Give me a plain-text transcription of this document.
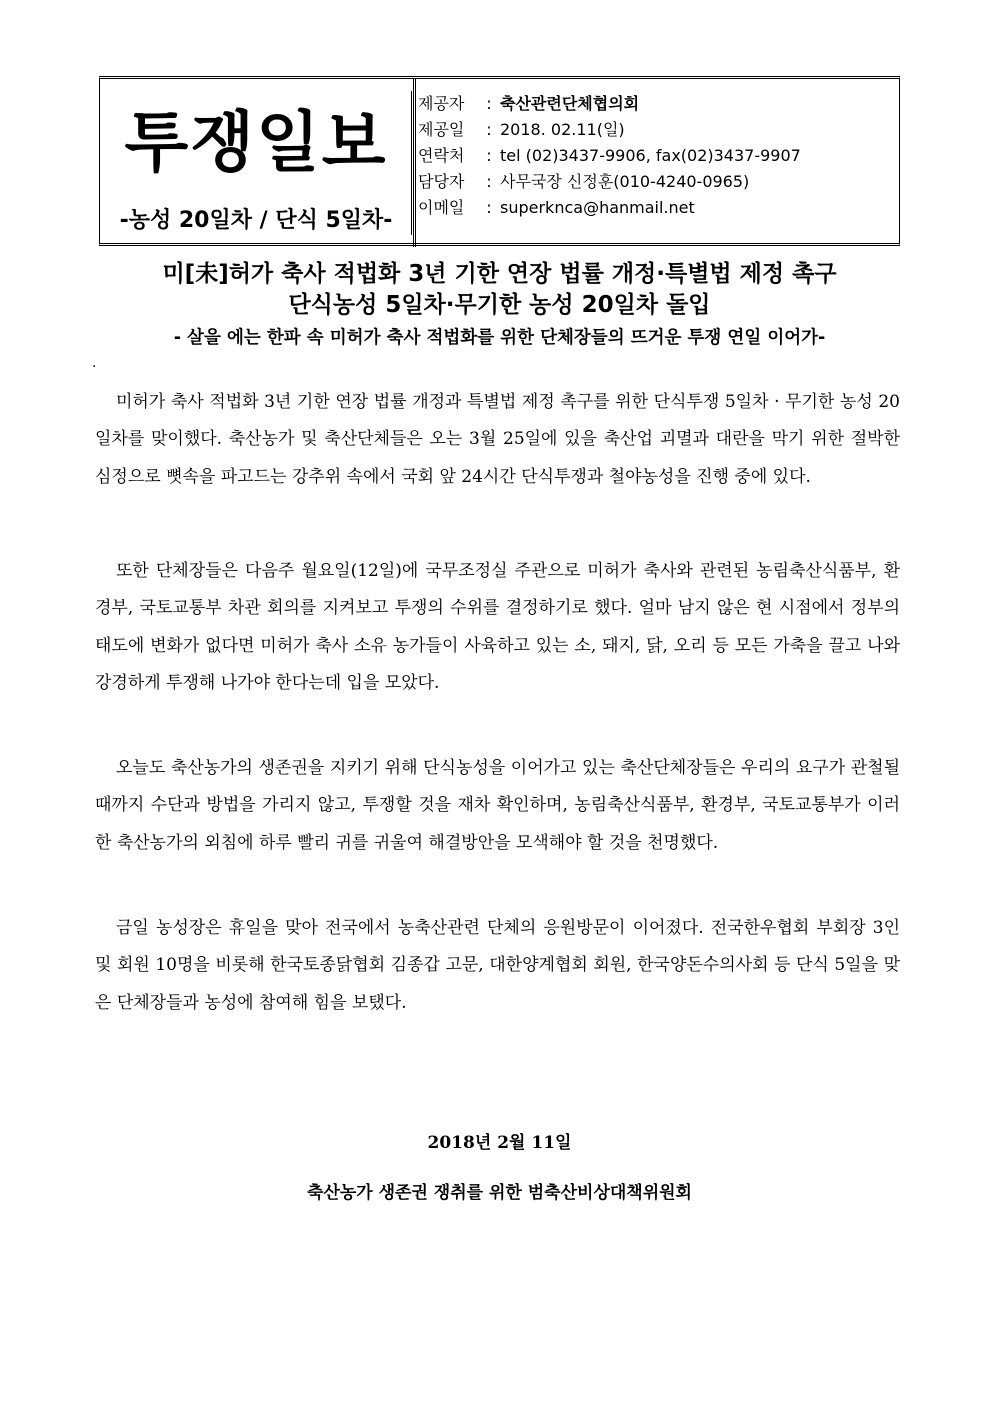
투쟁일보
-농성 20일차 / 단식 5일차-
제공자 : 축산관련단체협의회
제공일 : 2018. 02.11(일)
연락처 : tel (02)3437-9906, fax(02)3437-9907
담당자 : 사무국장 신정훈(010-4240-0965)
이메일 : superknca@hanmail.net
미[未]허가 축사 적법화 3년 기한 연장 법률 개정·특별법 제정 촉구
단식농성 5일차·무기한 농성 20일차 돌입
- 살을 에는 한파 속 미허가 축사 적법화를 위한 단체장들의 뜨거운 투쟁 연일 이어가-
.

미허가 축사 적법화 3년 기한 연장 법률 개정과 특별법 제정 촉구를 위한 단식투쟁 5일차 · 무기한 농성 20일차를 맞이했다. 축산농가 및 축산단체들은 오는 3월 25일에 있을 축산업 괴멸과 대란을 막기 위한 절박한 심정으로 뼛속을 파고드는 강추위 속에서 국회 앞 24시간 단식투쟁과 철야농성을 진행 중에 있다.

또한 단체장들은 다음주 월요일(12일)에 국무조정실 주관으로 미허가 축사와 관련된 농림축산식품부, 환경부, 국토교통부 차관 회의를 지켜보고 투쟁의 수위를 결정하기로 했다. 얼마 남지 않은 현 시점에서 정부의 태도에 변화가 없다면 미허가 축사 소유 농가들이 사육하고 있는 소, 돼지, 닭, 오리 등 모든 가축을 끌고 나와 강경하게 투쟁해 나가야 한다는데 입을 모았다.

오늘도 축산농가의 생존권을 지키기 위해 단식농성을 이어가고 있는 축산단체장들은 우리의 요구가 관철될 때까지 수단과 방법을 가리지 않고, 투쟁할 것을 재차 확인하며, 농림축산식품부, 환경부, 국토교통부가 이러한 축산농가의 외침에 하루 빨리 귀를 귀울여 해결방안을 모색해야 할 것을 천명했다.

금일 농성장은 휴일을 맞아 전국에서 농축산관련 단체의 응원방문이 이어졌다. 전국한우협회 부회장 3인 및 회원 10명을 비롯해 한국토종닭협회 김종갑 고문, 대한양계협회 회원, 한국양돈수의사회 등 단식 5일을 맞은 단체장들과 농성에 참여해 힘을 보탰다.

2018년 2월 11일
축산농가 생존권 쟁취를 위한 범축산비상대책위원회
